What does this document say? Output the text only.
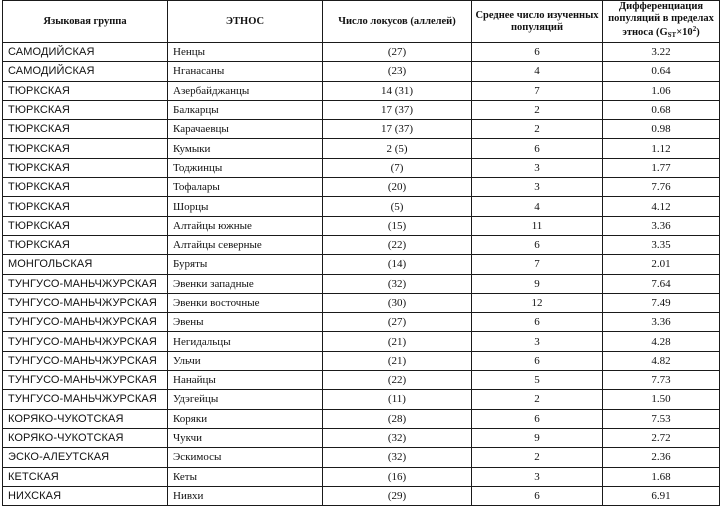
Языковая группа	ЭТНОС	Число локусов (аллелей)	Среднее число изученных популяций	Дифференциация популяций в пределах этноса $(G_{ST}\times 10^2)$
САМОДИЙСКАЯ	Ненцы	(27)	6	3.22
САМОДИЙСКАЯ	Нганасаны	(23)	4	0.64
ТЮРКСКАЯ	Азербайджанцы	14 (31)	7	1.06
ТЮРКСКАЯ	Балкарцы	17 (37)	2	0.68
ТЮРКСКАЯ	Карачаевцы	17 (37)	2	0.98
ТЮРКСКАЯ	Кумыки	2 (5)	6	1.12
ТЮРКСКАЯ	Тоджинцы	(7)	3	1.77
ТЮРКСКАЯ	Тофалары	(20)	3	7.76
ТЮРКСКАЯ	Шорцы	(5)	4	4.12
ТЮРКСКАЯ	Алтайцы южные	(15)	11	3.36
ТЮРКСКАЯ	Алтайцы северные	(22)	6	3.35
МОНГОЛЬСКАЯ	Буряты	(14)	7	2.01
ТУНГУСО-МАНЬЧЖУРСКАЯ	Эвенки западные	(32)	9	7.64
ТУНГУСО-МАНЬЧЖУРСКАЯ	Эвенки восточные	(30)	12	7.49
ТУНГУСО-МАНЬЧЖУРСКАЯ	Эвены	(27)	6	3.36
ТУНГУСО-МАНЬЧЖУРСКАЯ	Негидальцы	(21)	3	4.28
ТУНГУСО-МАНЬЧЖУРСКАЯ	Ульчи	(21)	6	4.82
ТУНГУСО-МАНЬЧЖУРСКАЯ	Нанайцы	(22)	5	7.73
ТУНГУСО-МАНЬЧЖУРСКАЯ	Удэгейцы	(11)	2	1.50
КОРЯКО-ЧУКОТСКАЯ	Коряки	(28)	6	7.53
КОРЯКО-ЧУКОТСКАЯ	Чукчи	(32)	9	2.72
ЭСКО-АЛЕУТСКАЯ	Эскимосы	(32)	2	2.36
КЕТСКАЯ	Кеты	(16)	3	1.68
НИХСКАЯ	Нивхи	(29)	6	6.91
